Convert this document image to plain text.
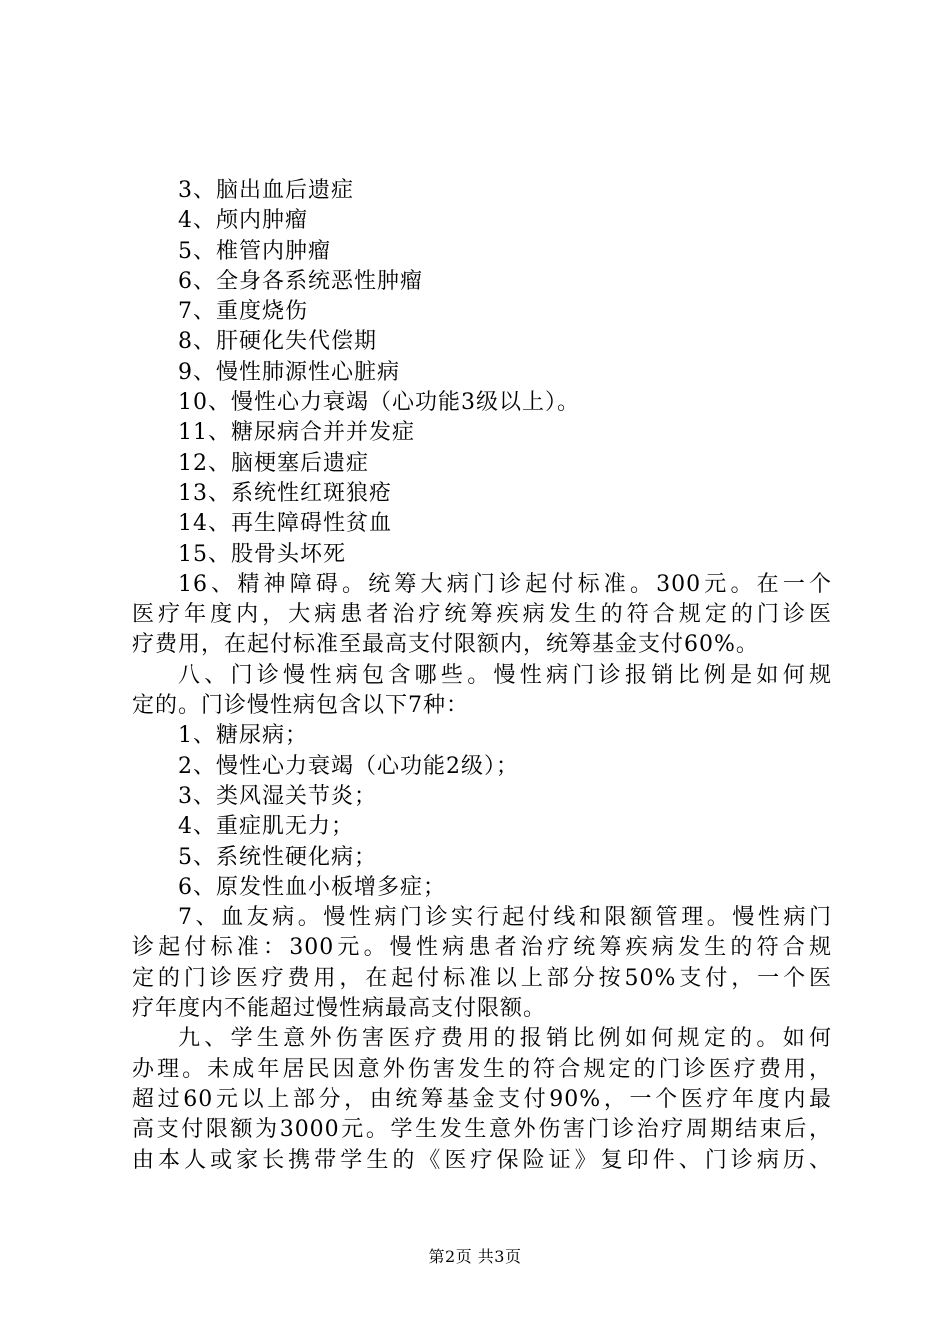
3、脑出血后遗症
4、颅内肿瘤
5、椎管内肿瘤
6、全身各系统恶性肿瘤
7、重度烧伤
8、肝硬化失代偿期
9、慢性肺源性心脏病
10、慢性心力衰竭（心功能3级以上）。
11、糖尿病合并并发症
12、脑梗塞后遗症
13、系统性红斑狼疮
14、再生障碍性贫血
15、股骨头坏死
16、精神障碍。统筹大病门诊起付标准。300元。在一个
医疗年度内，大病患者治疗统筹疾病发生的符合规定的门诊医
疗费用，在起付标准至最高支付限额内，统筹基金支付60%。
八、门诊慢性病包含哪些。慢性病门诊报销比例是如何规
定的。门诊慢性病包含以下7种：
1、糖尿病；
2、慢性心力衰竭（心功能2级）；
3、类风湿关节炎；
4、重症肌无力；
5、系统性硬化病；
6、原发性血小板增多症；
7、血友病。慢性病门诊实行起付线和限额管理。慢性病门
诊起付标准：300元。慢性病患者治疗统筹疾病发生的符合规
定的门诊医疗费用，在起付标准以上部分按50%支付，一个医
疗年度内不能超过慢性病最高支付限额。
九、学生意外伤害医疗费用的报销比例如何规定的。如何
办理。未成年居民因意外伤害发生的符合规定的门诊医疗费用，
超过60元以上部分，由统筹基金支付90%，一个医疗年度内最
高支付限额为3000元。学生发生意外伤害门诊治疗周期结束后，
由本人或家长携带学生的《医疗保险证》复印件、门诊病历、
第2页 共3页
